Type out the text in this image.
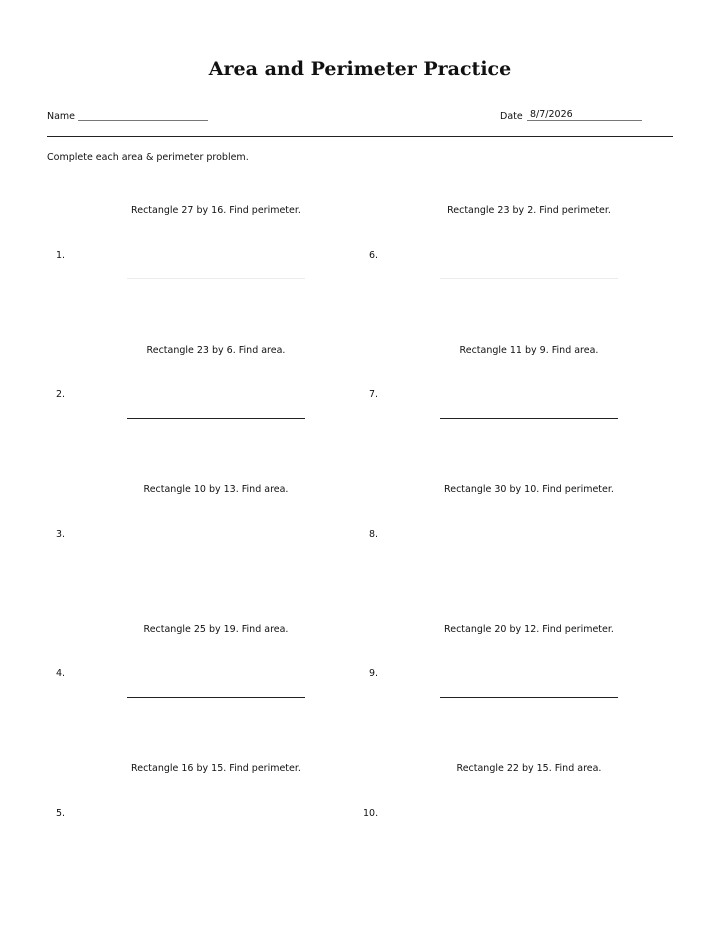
Area and Perimeter Practice
Name	Date 8/7/2026
Complete each area & perimeter problem.
Rectangle 27 by 16. Find perimeter.
1.
Rectangle 23 by 6. Find area.
2.
Rectangle 10 by 13. Find area.
3.
Rectangle 25 by 19. Find area.
4.
Rectangle 16 by 15. Find perimeter.
5.
Rectangle 23 by 2. Find perimeter.
6.
Rectangle 11 by 9. Find area.
7.
Rectangle 30 by 10. Find perimeter.
8.
Rectangle 20 by 12. Find perimeter.
9.
Rectangle 22 by 15. Find area.
10.
